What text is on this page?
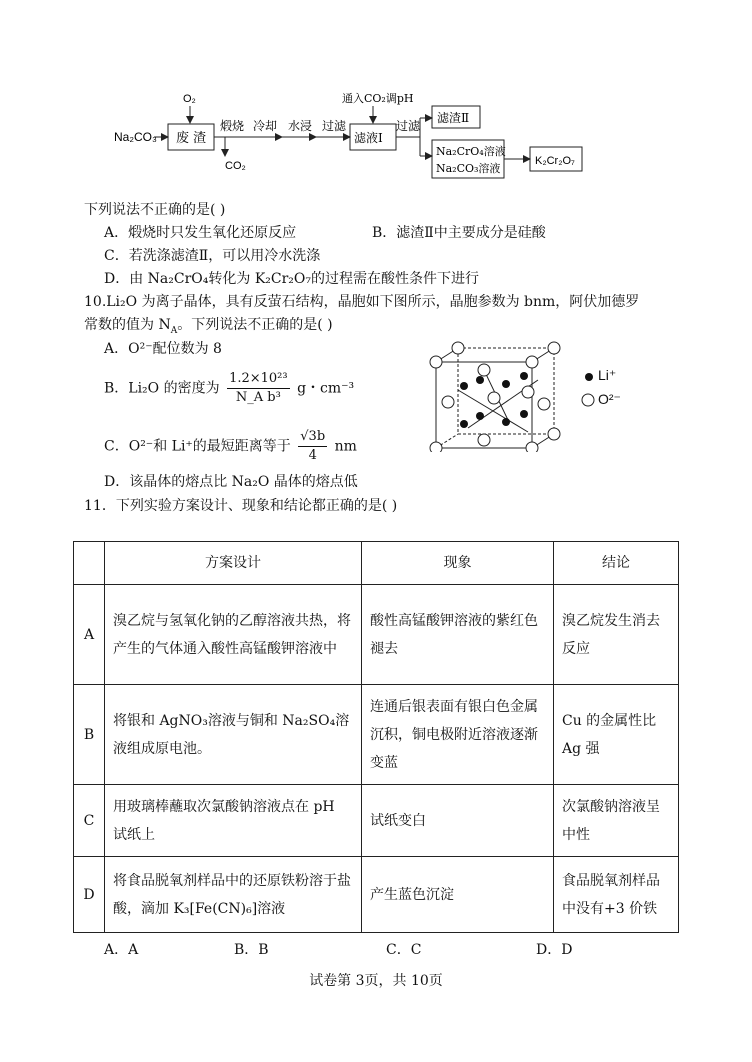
Na₂CO₃ 废 渣
O₂
CO₂
煅烧 冷却 水浸 过滤
滤液Ⅰ
通入CO₂调pH
过滤
滤渣Ⅱ
Na₂CrO₄溶液
Na₂CO₃溶液
K₂Cr₂O₇
下列说法不正确的是( )
A．煅烧时只发生氧化还原反应	B．滤渣Ⅱ中主要成分是硅酸
C．若洗涤滤渣Ⅱ，可以用冷水洗涤
D．由 Na₂CrO₄转化为 K₂Cr₂O₇的过程需在酸性条件下进行
10.Li₂O 为离子晶体，具有反萤石结构，晶胞如下图所示，晶胞参数为 bnm，阿伏加德罗
常数的值为 $N_A$。下列说法不正确的是( )
A．O²⁻配位数为 8
B．Li₂O 的密度为 $\frac{\text{1.2×10²³}}{\text{N\_A b³}}$ g・cm⁻³
C．O²⁻和 Li⁺的最短距离等于 $\frac{√3b}{4}$ nm
D．该晶体的熔点比 Na₂O 晶体的熔点低
Li⁺
O²⁻
11．下列实验方案设计、现象和结论都正确的是( )
	方案设计	现象	结论
A	溴乙烷与氢氧化钠的乙醇溶液共热，将产生的气体通入酸性高锰酸钾溶液中	酸性高锰酸钾溶液的紫红色褪去	溴乙烷发生消去反应
B	将银和 AgNO₃溶液与铜和 Na₂SO₄溶液组成原电池。	连通后银表面有银白色金属沉积，铜电极附近溶液逐渐变蓝	Cu 的金属性比 Ag 强
C	用玻璃棒蘸取次氯酸钠溶液点在 pH 试纸上	试纸变白	次氯酸钠溶液呈中性
D	将食品脱氧剂样品中的还原铁粉溶于盐酸，滴加 K₃[Fe(CN)₆]溶液	产生蓝色沉淀	食品脱氧剂样品中没有+3 价铁
A．A	B．B	C．C	D．D
试卷第 3页，共 10页
